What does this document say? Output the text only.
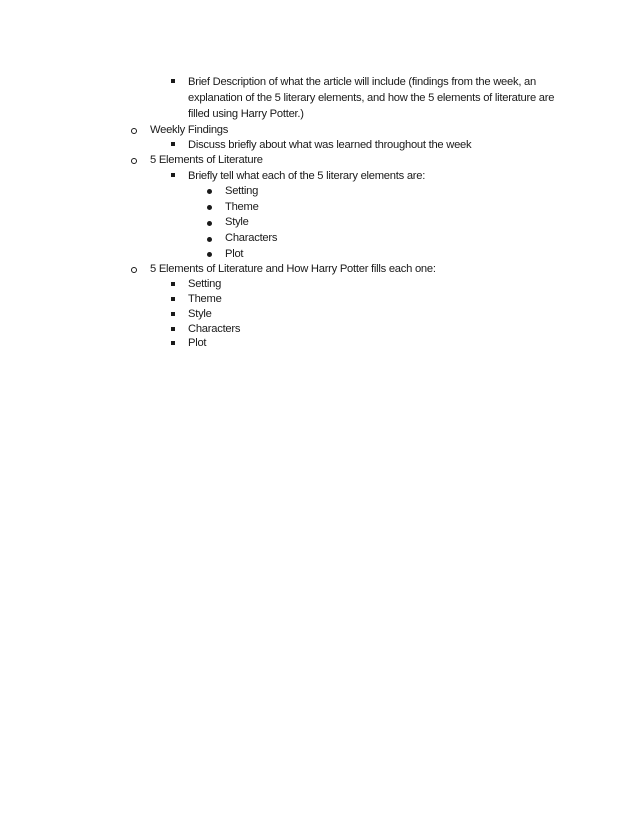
Brief Description of what the article will include (findings from the week, an
explanation of the 5 literary elements, and how the 5 elements of literature are
filled using Harry Potter.)
Weekly Findings
Discuss briefly about what was learned throughout the week
5 Elements of Literature
Briefly tell what each of the 5 literary elements are:
Setting
Theme
Style
Characters
Plot
5 Elements of Literature and How Harry Potter fills each one:
Setting
Theme
Style
Characters
Plot
